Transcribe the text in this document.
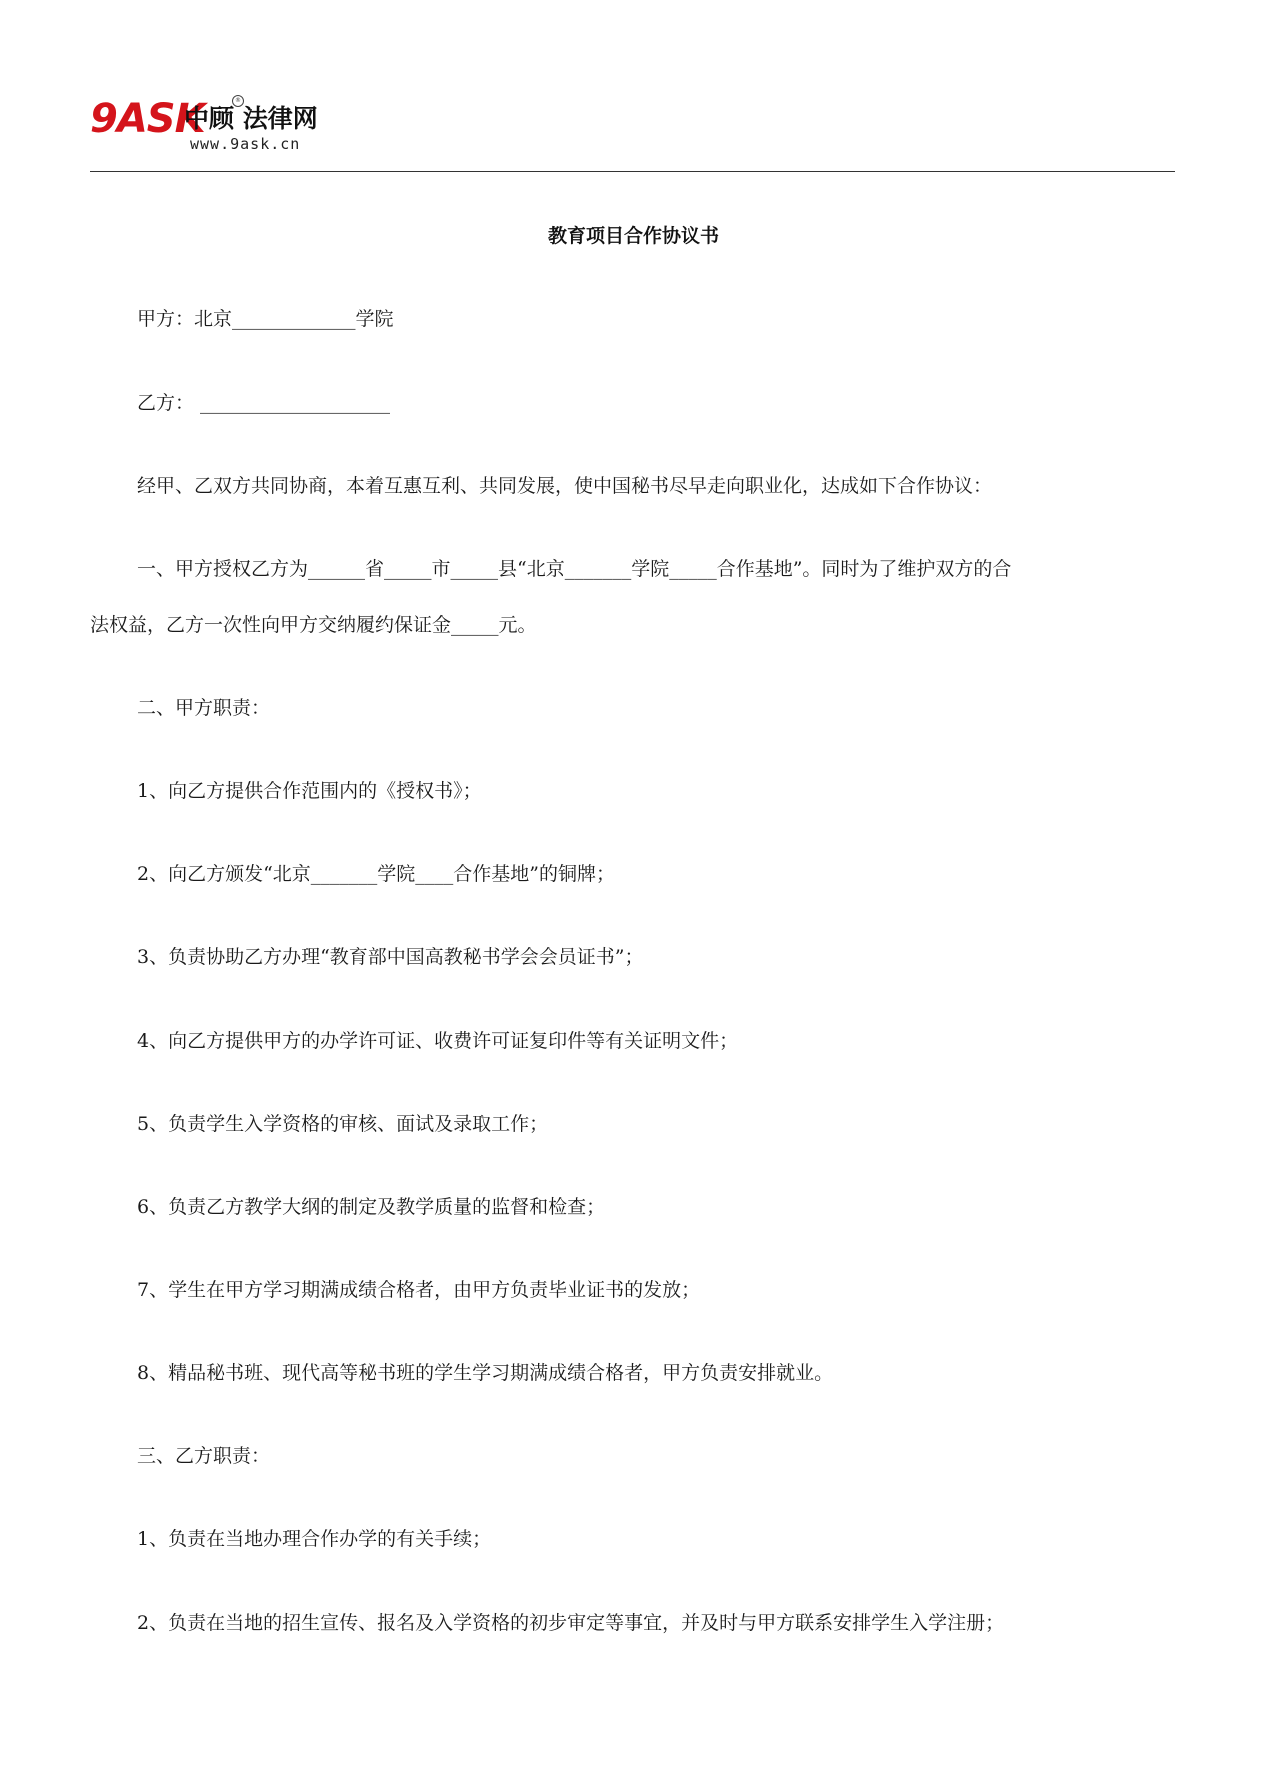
9ASK
中顾 法律网
®
www.9ask.cn
教育项目合作协议书
甲方：北京_____________学院
乙方： ____________________
经甲、乙双方共同协商，本着互惠互利、共同发展，使中国秘书尽早走向职业化，达成如下合作协议：
一、甲方授权乙方为______省_____市_____县“北京_______学院_____合作基地”。同时为了维护双方的合
法权益，乙方一次性向甲方交纳履约保证金_____元。
二、甲方职责：
1、向乙方提供合作范围内的《授权书》；
2、向乙方颁发“北京_______学院____合作基地”的铜牌；
3、负责协助乙方办理“教育部中国高教秘书学会会员证书”；
4、向乙方提供甲方的办学许可证、收费许可证复印件等有关证明文件；
5、负责学生入学资格的审核、面试及录取工作；
6、负责乙方教学大纲的制定及教学质量的监督和检查；
7、学生在甲方学习期满成绩合格者，由甲方负责毕业证书的发放；
8、精品秘书班、现代高等秘书班的学生学习期满成绩合格者，甲方负责安排就业。
三、乙方职责：
1、负责在当地办理合作办学的有关手续；
2、负责在当地的招生宣传、报名及入学资格的初步审定等事宜，并及时与甲方联系安排学生入学注册；
